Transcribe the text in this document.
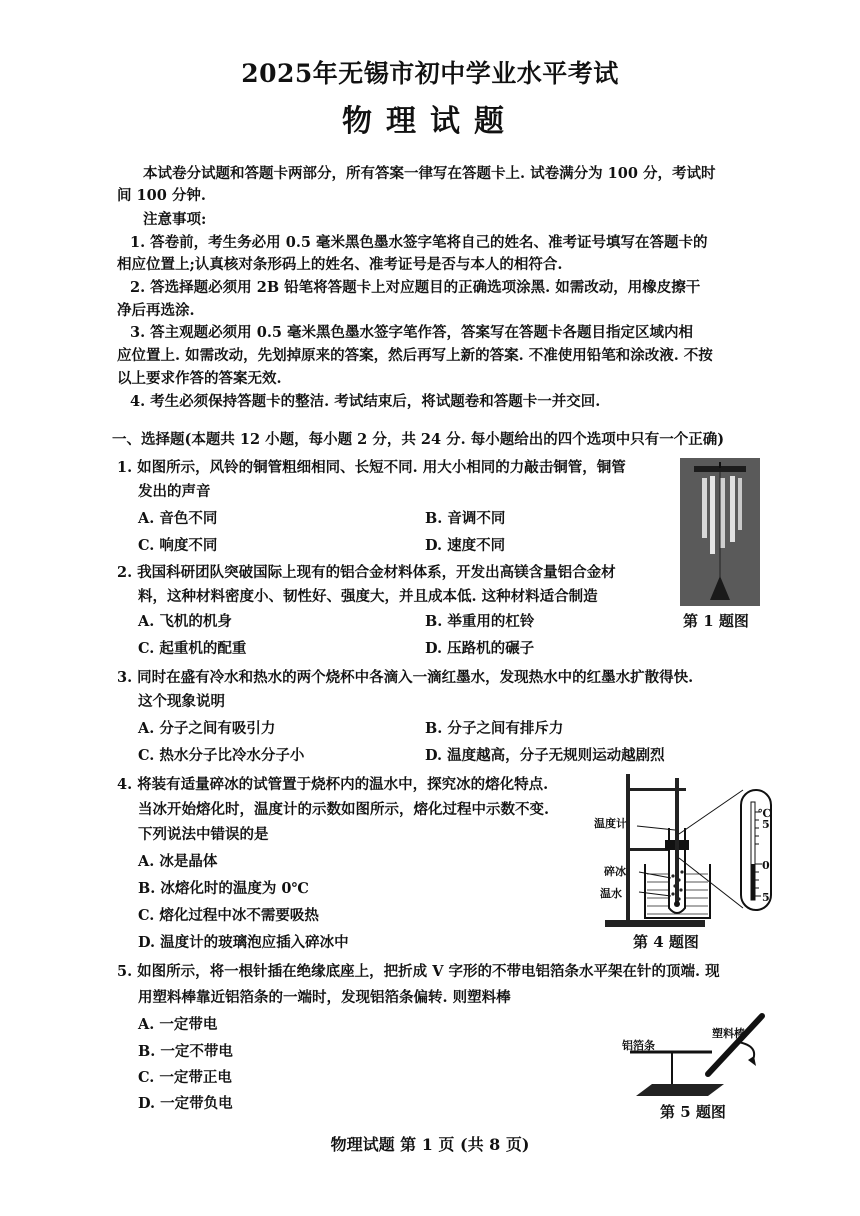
2025年无锡市初中学业水平考试
物理试题
本试卷分试题和答题卡两部分，所有答案一律写在答题卡上. 试卷满分为 100 分，考试时
间 100 分钟.
注意事项:
1. 答卷前，考生务必用 0.5 毫米黑色墨水签字笔将自己的姓名、准考证号填写在答题卡的
相应位置上;认真核对条形码上的姓名、准考证号是否与本人的相符合.
2. 答选择题必须用 2B 铅笔将答题卡上对应题目的正确选项涂黑. 如需改动，用橡皮擦干
净后再选涂.
3. 答主观题必须用 0.5 毫米黑色墨水签字笔作答，答案写在答题卡各题目指定区域内相
应位置上. 如需改动，先划掉原来的答案，然后再写上新的答案. 不准使用铅笔和涂改液. 不按
以上要求作答的答案无效.
4. 考生必须保持答题卡的整洁. 考试结束后，将试题卷和答题卡一并交回.
一、选择题(本题共 12 小题，每小题 2 分，共 24 分. 每小题给出的四个选项中只有一个正确)
1. 如图所示，风铃的铜管粗细相同、长短不同. 用大小相同的力敲击铜管，铜管
发出的声音
A. 音色不同	B. 音调不同
C. 响度不同	D. 速度不同
第 1 题图
2. 我国科研团队突破国际上现有的铝合金材料体系，开发出高镁含量铝合金材
料，这种材料密度小、韧性好、强度大，并且成本低. 这种材料适合制造
A. 飞机的机身	B. 举重用的杠铃
C. 起重机的配重	D. 压路机的碾子
3. 同时在盛有冷水和热水的两个烧杯中各滴入一滴红墨水，发现热水中的红墨水扩散得快.
这个现象说明
A. 分子之间有吸引力	B. 分子之间有排斥力
C. 热水分子比冷水分子小	D. 温度越高，分子无规则运动越剧烈
4. 将装有适量碎冰的试管置于烧杯内的温水中，探究冰的熔化特点.
当冰开始熔化时，温度计的示数如图所示，熔化过程中示数不变.
下列说法中错误的是
A. 冰是晶体
B. 冰熔化时的温度为 0℃
C. 熔化过程中冰不需要吸热
D. 温度计的玻璃泡应插入碎冰中
温度计
碎冰
温水
℃
5
0
5
第 4 题图
5. 如图所示，将一根针插在绝缘底座上，把折成 V 字形的不带电铝箔条水平架在针的顶端. 现
用塑料棒靠近铝箔条的一端时，发现铝箔条偏转. 则塑料棒
A. 一定带电
B. 一定不带电
C. 一定带正电
D. 一定带负电
塑料棒
铝箔条
第 5 题图
物理试题 第 1 页 (共 8 页)
